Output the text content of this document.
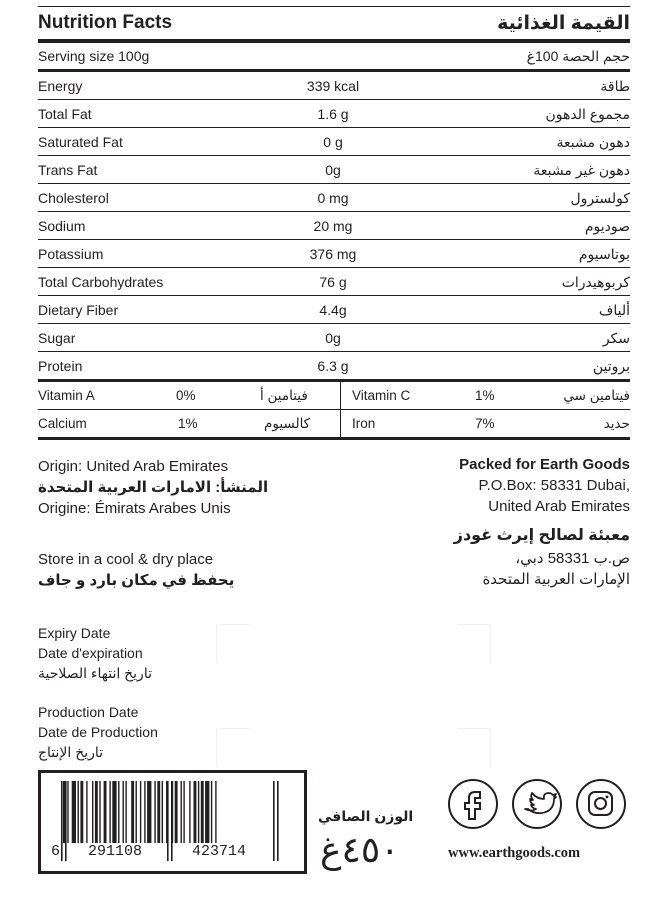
Nutrition Facts	القيمة الغذائية
Serving size 100g	حجم الحصة 100غ
Energy	339 kcal	طاقة
Total Fat	1.6 g	مجموع الدهون
Saturated Fat	0 g	دهون مشبعة
Trans Fat	0g	دهون غير مشبعة
Cholesterol	0 mg	كولسترول
Sodium	20 mg	صوديوم
Potassium	376 mg	بوتاسيوم
Total Carbohydrates	76 g	كربوهيدرات
Dietary Fiber	4.4g	ألياف
Sugar	0g	سكر
Protein	6.3 g	بروتين
Vitamin A	0%	فيتامين أ	Vitamin C	1%	فيتامين سي
Calcium	1%	كالسيوم	Iron	7%	حديد
Origin: United Arab Emirates
المنشأ: الامارات العربية المتحدة
Origine: Émirats Arabes Unis
Store in a cool & dry place
يحفظ في مكان بارد و جاف
Expiry Date
Date d'expiration
تاريخ انتهاء الصلاحية
Production Date
Date de Production
تاريخ الإنتاج
Packed for Earth Goods
P.O.Box: 58331 Dubai,
United Arab Emirates
معبئة لصالح إيرث غودز
ص.ب 58331 دبي،
الإمارات العربية المتحدة
6 291108	423714
الوزن الصافي
٤٥٠غ	www.earthgoods.com
